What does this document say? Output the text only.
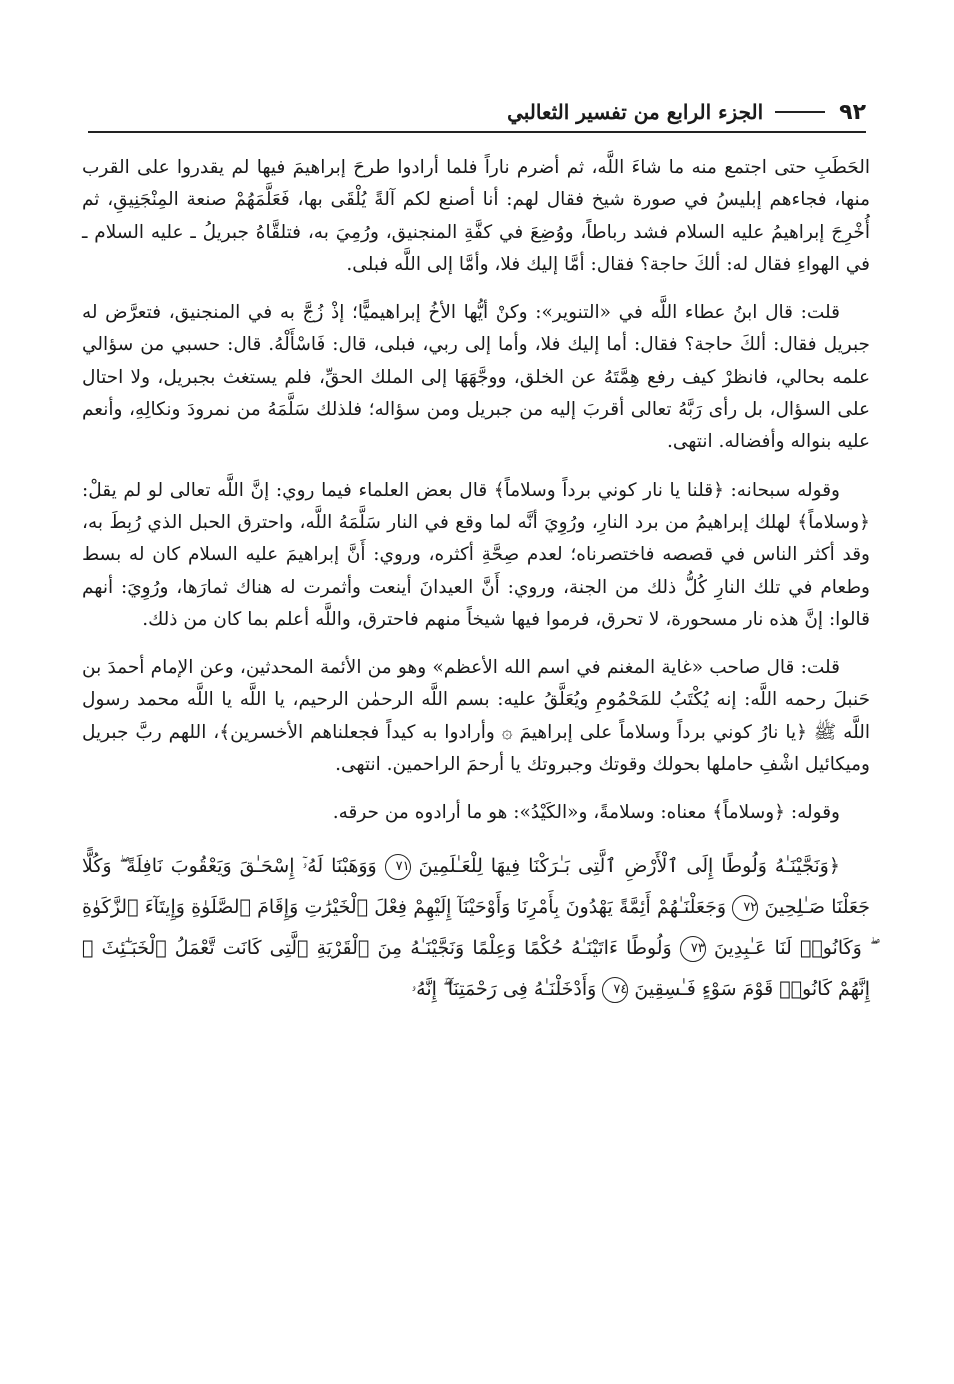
٩٢
الجزء الرابع من تفسير الثعالبي

الحَطَبِ حتى اجتمع منه ما شاءَ اللَّه، ثم أضرم ناراً فلما أرادوا طرحَ إبراهيمَ فيها لم يقدروا على القرب منها، فجاءهم إبليسُ في صورة شيخ فقال لهم: أنا أصنع لكم آلةً يُلْقَى بها، فَعَلَّمَهُمْ صنعة المِنْجَنِيقِ، ثم أُخْرِجَ إبراهيمُ عليه السلام فشد رباطاً، ووُضِعَ في كفَّةِ المنجنيق، ورُمِيَ به، فتلقَّاهُ جبريلُ ـ عليه السلام ـ في الهواءِ فقال له: ألكَ حاجة؟ فقال: أمَّا إليك فلا، وأمَّا إلى اللَّه فبلى.

قلت: قال ابنُ عطاء اللَّه في «التنوير»: وكنْ أيُّها الأخُ إبراهيميًّا؛ إذْ زُجَّ به في المنجنيق، فتعرَّض له جبريل فقال: ألكَ حاجة؟ فقال: أما إليك فلا، وأما إلى ربي، فبلى، قال: فَاسْأَلْهُ. قال: حسبي من سؤالي علمه بحالي، فانظرْ كيف رفع هِمَّتَهُ عن الخلق، ووجَّهَهَا إلى الملك الحقِّ، فلم يستغث بجبريل، ولا احتال على السؤال، بل رأى رَبَّهُ تعالى أقربَ إليه من جبريل ومن سؤاله؛ فلذلك سَلَّمَهُ من نمرودَ ونكالِهِ، وأنعم عليه بنواله وأفضاله. انتهى.

وقوله سبحانه: ﴿قلنا يا نار كوني برداً وسلاماً﴾ قال بعض العلماء فيما روي: إنَّ اللَّه تعالى لو لم يقلْ: ﴿وسلاماً﴾ لهلك إبراهيمُ من برد النارِ، ورُوِيَ أنَّه لما وقع في النار سَلَّمَهُ اللَّه، واحترق الحبل الذي رُبِطَ به، وقد أكثر الناس في قصصه فاختصرناه؛ لعدم صِحَّةِ أكثره، وروي: أَنَّ إبراهيمَ عليه السلام كان له بسط وطعام في تلك النارِ كُلُّ ذلك من الجنة، وروي: أَنَّ العيدانَ أينعت وأثمرت له هناك ثمارَها، ورُوِيَ: أنهم قالوا: إنَّ هذه نار مسحورة، لا تحرق، فرموا فيها شيخاً منهم فاحترق، واللَّه أعلم بما كان من ذلك.

قلت: قال صاحب «غاية المغنم في اسم الله الأعظم» وهو من الأئمة المحدثين، وعن الإمام أحمدَ بن حَنبلَ رحمه اللَّه: إنه يُكْتَبُ للمَحْمُومِ ويُعَلَّقُ عليه: بسم اللَّه الرحمٰن الرحيم، يا اللَّه يا اللَّه محمد رسول اللَّه ﷺ ﴿يا نارُ كوني برداً وسلاماً على إبراهيمَ ۞ وأرادوا به كيداً فجعلناهم الأخسرين﴾، اللهم ربَّ جبريل وميكائيل اشْفِ حاملها بحولك وقوتك وجبروتك يا أرحمَ الراحمين. انتهى.

وقوله: ﴿وسلاماً﴾ معناه: وسلامةً، و«الكَيْدُ»: هو ما أرادوه من حرقه.

﴿وَنَجَّيْنَـٰهُ وَلُوطًا إِلَى ٱلْأَرْضِ ٱلَّتِى بَـٰرَكْنَا فِيهَا لِلْعَـٰلَمِينَ ٧١ وَوَهَبْنَا لَهُۥٓ إِسْحَـٰقَ وَيَعْقُوبَ نَافِلَةً ۖ وَكُلًّا جَعَلْنَا صَـٰلِحِينَ ٧٢ وَجَعَلْنَـٰهُمْ أَئِمَّةً يَهْدُونَ بِأَمْرِنَا وَأَوْحَيْنَآ إِلَيْهِمْ فِعْلَ ٱلْخَيْرَٰتِ وَإِقَامَ ٱلصَّلَوٰةِ وَإِيتَآءَ ٱلزَّكَوٰةِ ۖ وَكَانُوا۟ لَنَا عَـٰبِدِينَ ٧٣ وَلُوطًا ءَاتَيْنَـٰهُ حُكْمًا وَعِلْمًا وَنَجَّيْنَـٰهُ مِنَ ٱلْقَرْيَةِ ٱلَّتِى كَانَت تَّعْمَلُ ٱلْخَبَـٰٓئِثَ ۗ إِنَّهُمْ كَانُوا۟ قَوْمَ سَوْءٍ فَـٰسِقِينَ ٧٤ وَأَدْخَلْنَـٰهُ فِى رَحْمَتِنَآ ۖ إِنَّهُۥ
